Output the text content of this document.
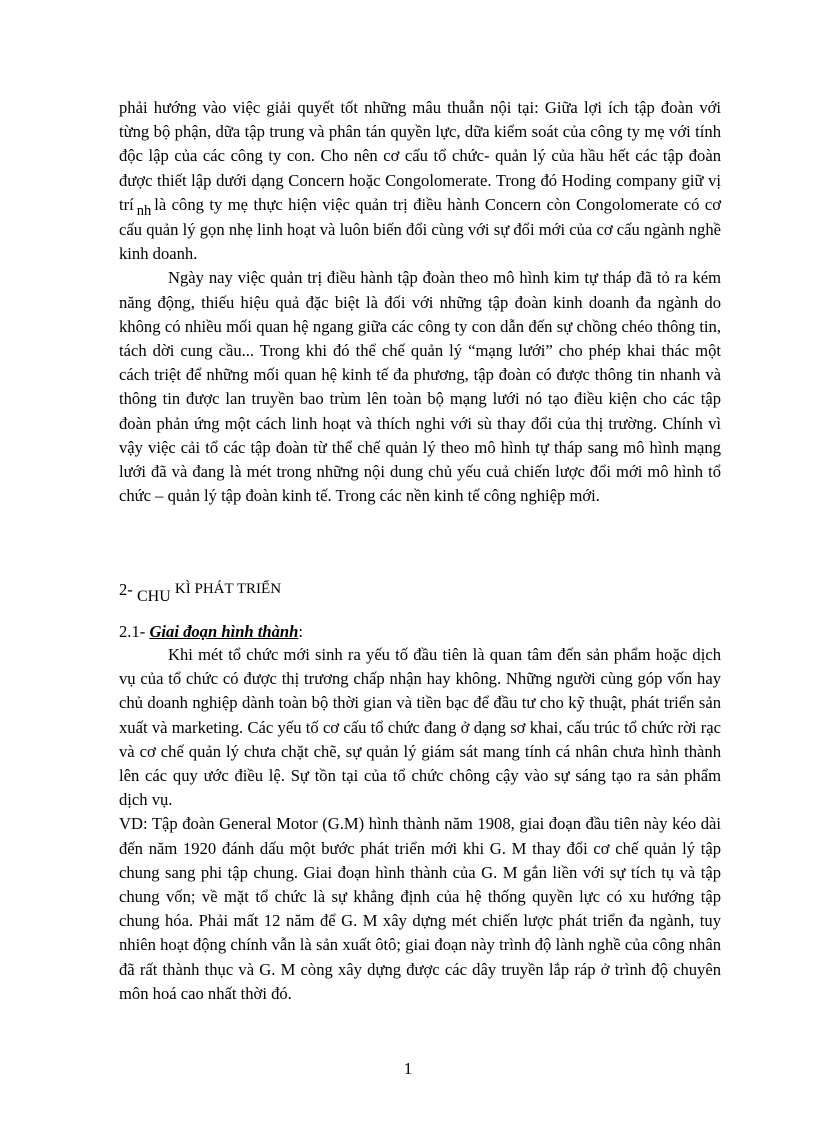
phải hướng vào việc giải quyết tốt những mâu thuẫn nội tại: Giữa lợi ích tập đoàn với từng bộ phận, dữa tập trung và phân tán quyền lực, dữa kiểm soát của công ty mẹ với tính độc lập của các công ty con. Cho nên cơ cấu tổ chức- quản lý của hầu hết các tập đoàn được thiết lập dưới dạng Concern hoặc Congolomerate. Trong đó Hoding company giữ vị trí nh là công ty mẹ thực hiện việc quản trị điều hành Concern còn Congolomerate có cơ cấu quản lý gọn nhẹ linh hoạt và luôn biến đổi cùng với sự đổi mới của cơ cấu ngành nghề kinh doanh.

Ngày nay việc quản trị điều hành tập đoàn theo mô hình kim tự tháp đã tỏ ra kém năng động, thiếu hiệu quả đặc biệt là đối với những tập đoàn kinh doanh đa ngành do không có nhiều mối quan hệ ngang giữa các công ty con dẫn đến sự chồng chéo thông tin, tách dời cung cầu... Trong khi đó thể chế quản lý “mạng lưới” cho phép khai thác một cách triệt để những mối quan hệ kinh tế đa phương, tập đoàn có được thông tin nhanh và thông tin được lan truyền bao trùm lên toàn bộ mạng lưới nó tạo điều kiện cho các tập đoàn phản ứng một cách linh hoạt và thích nghi với sù thay đổi của thị trường. Chính vì vậy việc cải tổ các tập đoàn từ thể chế quản lý theo mô hình tự tháp sang mô hình mạng lưới đã và đang là mét trong những nội dung chủ yếu cuả chiến lược đổi mới mô hình tổ chức – quản lý tập đoàn kinh tế. Trong các nền kinh tế công nghiệp mới.

2- CHU KÌ PHÁT TRIỂN
2.1- Giai đoạn hình thành:

Khi mét tổ chức mới sinh ra yếu tố đầu tiên là quan tâm đến sản phẩm hoặc dịch vụ của tổ chức có được thị trương chấp nhận hay không. Những người cùng góp vốn hay chủ doanh nghiệp dành toàn bộ thời gian và tiền bạc để đầu tư cho kỹ thuật, phát triển sản xuất và marketing. Các yếu tố cơ cấu tổ chức đang ở dạng sơ khai, cấu trúc tổ chức rời rạc và cơ chế quản lý chưa chặt chẽ, sự quản lý giám sát mang tính cá nhân chưa hình thành lên các quy ước điều lệ. Sự tồn tại của tổ chức chông cậy vào sự sáng tạo ra sản phẩm dịch vụ.

VD: Tập đoàn General Motor (G.M) hình thành năm 1908, giai đoạn đầu tiên này kéo dài đến năm 1920 đánh dấu một bước phát triển mới khi G. M thay đổi cơ chế quản lý tập chung sang phi tập chung. Giai đoạn hình thành của G. M gắn liền với sự tích tụ và tập chung vốn; về mặt tổ chức là sự khẳng định của hệ thống quyền lực có xu hướng tập chung hóa. Phải mất 12 năm để G. M xây dựng mét chiến lược phát triển đa ngành, tuy nhiên hoạt động chính vẫn là sản xuất ôtô; giai đoạn này trình độ lành nghề của công nhân đã rất thành thục và G. M còng xây dựng được các dây truyền lắp ráp ở trình độ chuyên môn hoá cao nhất thời đó.

1
